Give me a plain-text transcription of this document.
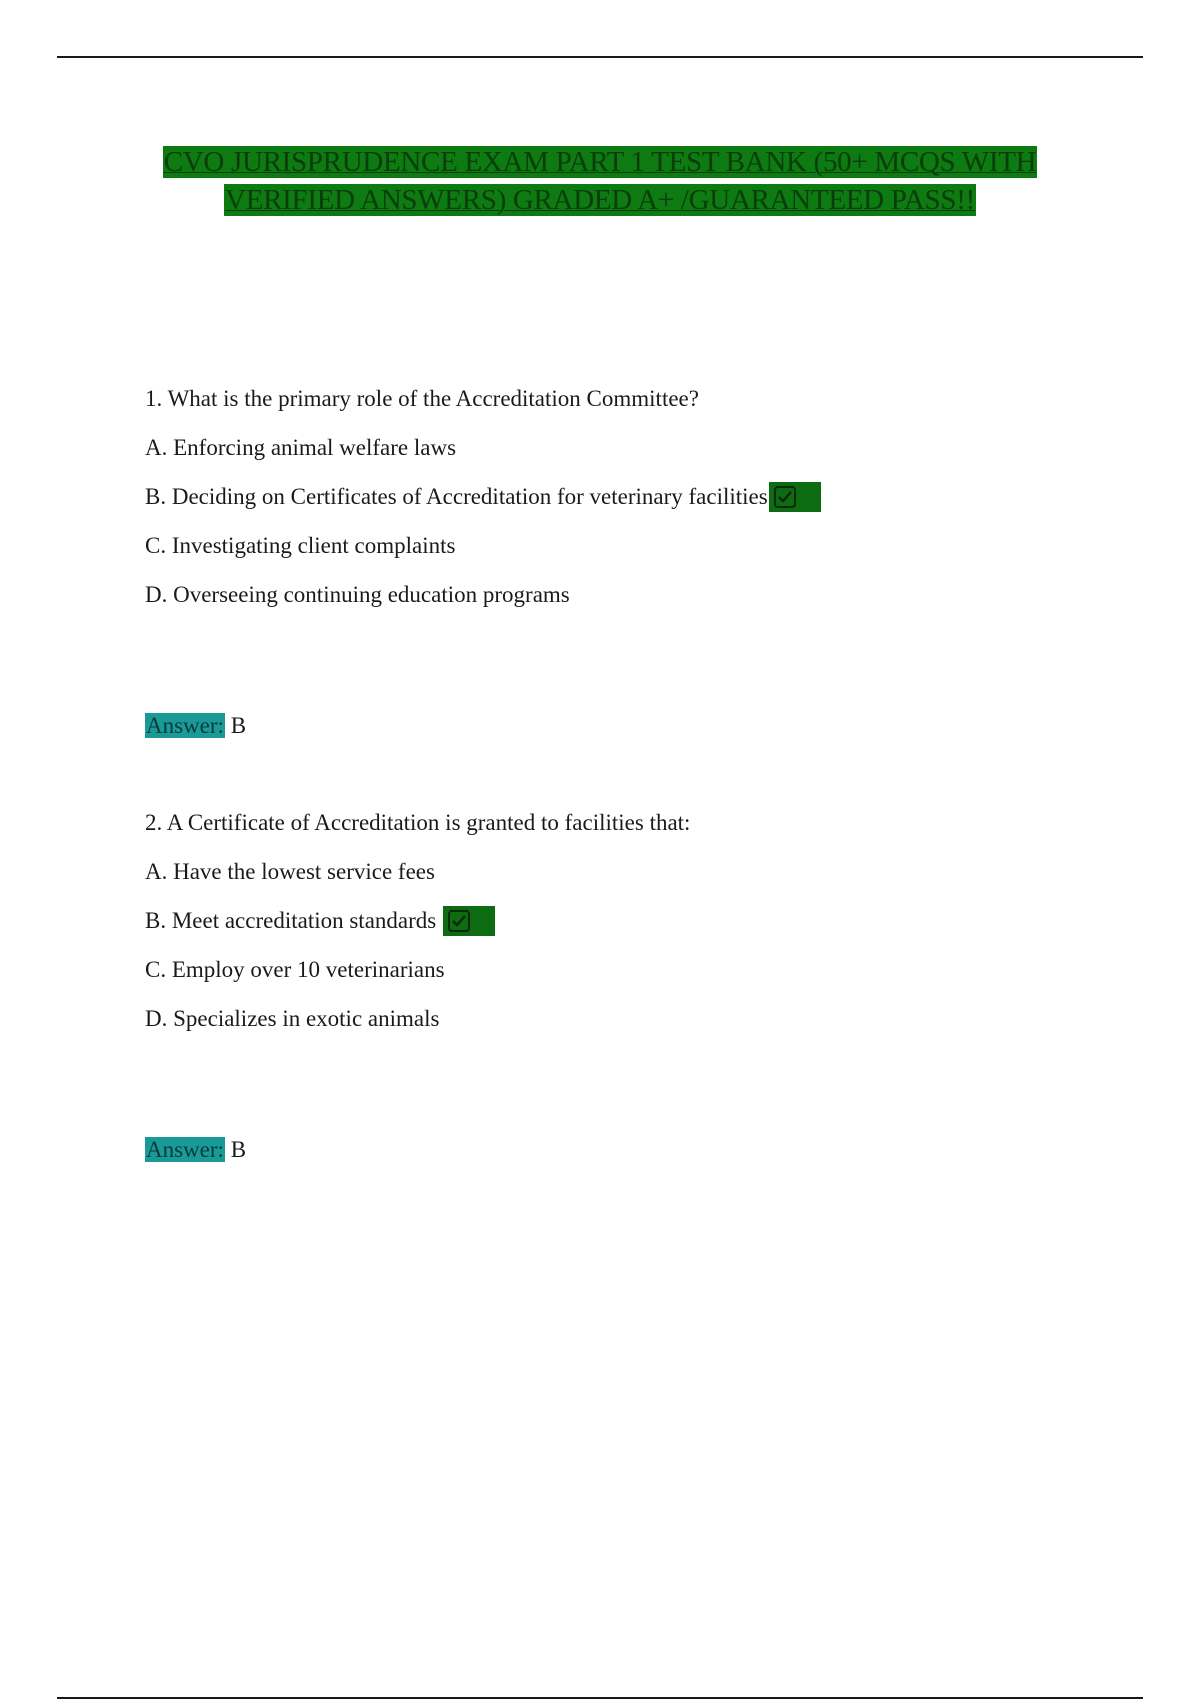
CVO JURISPRUDENCE EXAM PART 1 TEST BANK (50+ MCQS WITH
VERIFIED ANSWERS) GRADED A+ /GUARANTEED PASS!!
1. What is the primary role of the Accreditation Committee?
A. Enforcing animal welfare laws
B. Deciding on Certificates of Accreditation for veterinary facilities
C. Investigating client complaints
D. Overseeing continuing education programs
Answer: B
2. A Certificate of Accreditation is granted to facilities that:
A. Have the lowest service fees
B. Meet accreditation standards
C. Employ over 10 veterinarians
D. Specializes in exotic animals
Answer: B
